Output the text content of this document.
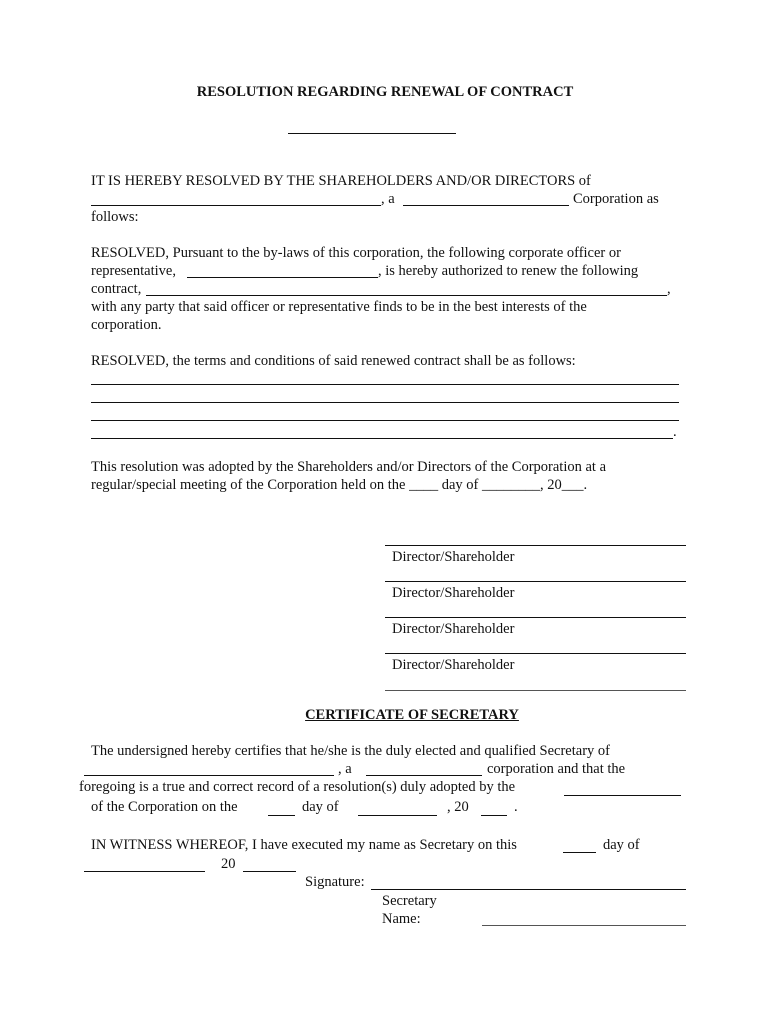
RESOLUTION REGARDING RENEWAL OF CONTRACT
IT IS HEREBY RESOLVED BY THE SHAREHOLDERS AND/OR DIRECTORS of
, a	Corporation as
follows:
RESOLVED, Pursuant to the by-laws of this corporation, the following corporate officer or
representative,	, is hereby authorized to renew the following
contract,	,
with any party that said officer or representative finds to be in the best interests of the
corporation.
RESOLVED, the terms and conditions of said renewed contract shall be as follows:
.
This resolution was adopted by the Shareholders and/or Directors of the Corporation at a
regular/special meeting of the Corporation held on the ____ day of ________, 20___.
Director/Shareholder
Director/Shareholder
Director/Shareholder
Director/Shareholder
CERTIFICATE OF SECRETARY
The undersigned hereby certifies that he/she is the duly elected and qualified Secretary of
, a	corporation and that the
foregoing is a true and correct record of a resolution(s) duly adopted by the
of the Corporation on the	day of	, 20	.
IN WITNESS WHEREOF, I have executed my name as Secretary on this	day of
20
Signature:
Secretary
Name:
